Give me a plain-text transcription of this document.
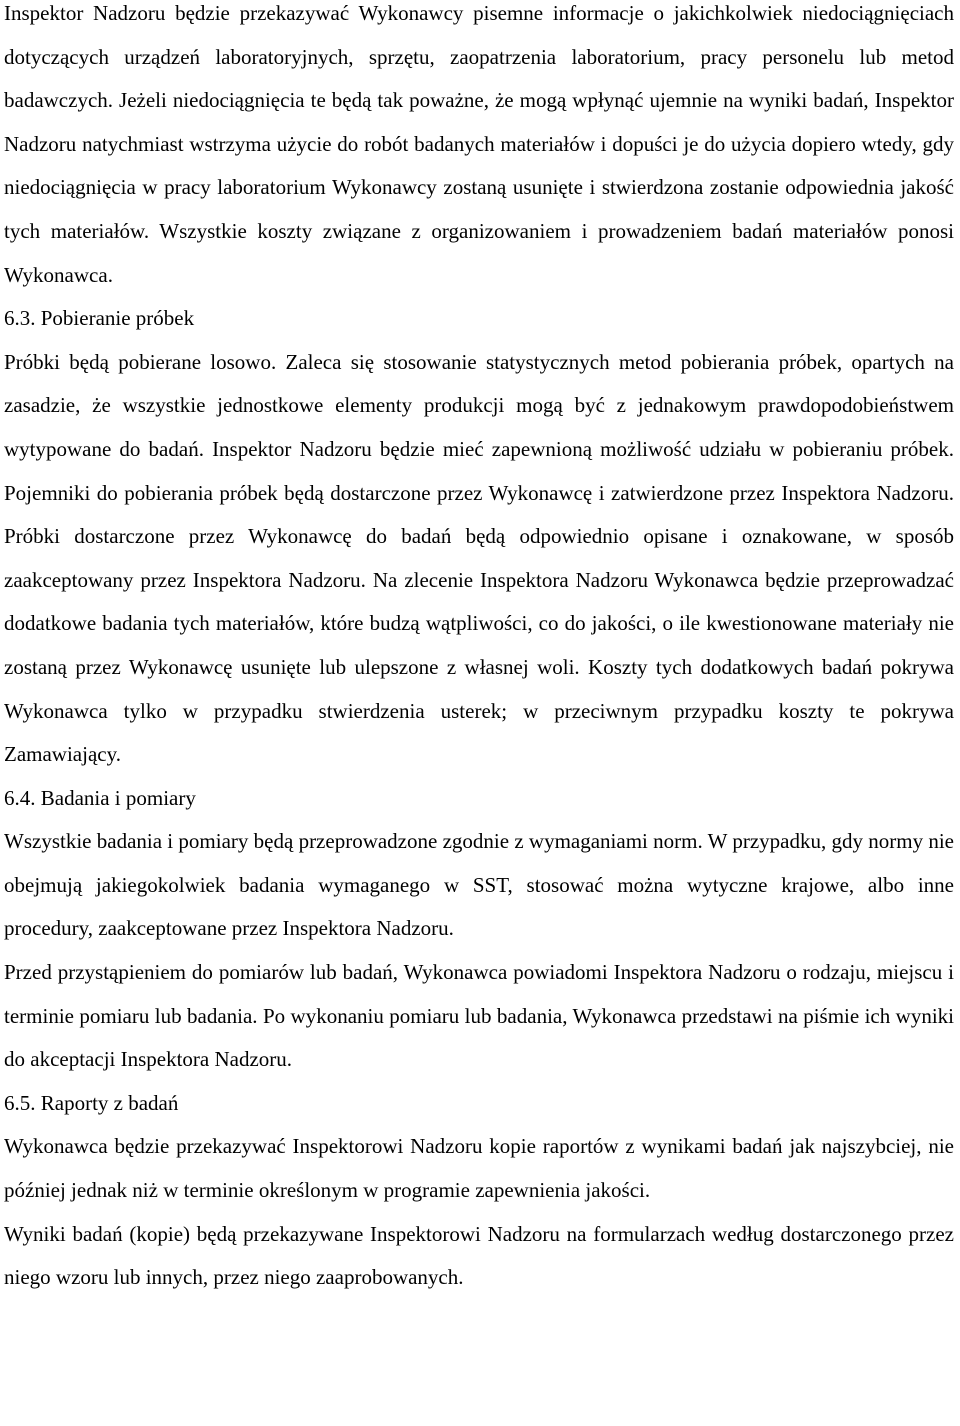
Inspektor Nadzoru będzie przekazywać Wykonawcy pisemne informacje o jakichkolwiek niedociągnięciach dotyczących urządzeń laboratoryjnych, sprzętu, zaopatrzenia laboratorium, pracy personelu lub metod badawczych. Jeżeli niedociągnięcia te będą tak poważne, że mogą wpłynąć ujemnie na wyniki badań, Inspektor Nadzoru natychmiast wstrzyma użycie do robót badanych materiałów i dopuści je do użycia dopiero wtedy, gdy niedociągnięcia w pracy laboratorium Wykonawcy zostaną usunięte i stwierdzona zostanie odpowiednia jakość tych materiałów. Wszystkie koszty związane z organizowaniem i prowadzeniem badań materiałów ponosi Wykonawca.

6.3. Pobieranie próbek

Próbki będą pobierane losowo. Zaleca się stosowanie statystycznych metod pobierania próbek, opartych na zasadzie, że wszystkie jednostkowe elementy produkcji mogą być z jednakowym prawdopodobieństwem wytypowane do badań. Inspektor Nadzoru będzie mieć zapewnioną możliwość udziału w pobieraniu próbek. Pojemniki do pobierania próbek będą dostarczone przez Wykonawcę i zatwierdzone przez Inspektora Nadzoru. Próbki dostarczone przez Wykonawcę do badań będą odpowiednio opisane i oznakowane, w sposób zaakceptowany przez Inspektora Nadzoru. Na zlecenie Inspektora Nadzoru Wykonawca będzie przeprowadzać dodatkowe badania tych materiałów, które budzą wątpliwości, co do jakości, o ile kwestionowane materiały nie zostaną przez Wykonawcę usunięte lub ulepszone z własnej woli. Koszty tych dodatkowych badań pokrywa Wykonawca tylko w przypadku stwierdzenia usterek; w przeciwnym przypadku koszty te pokrywa Zamawiający.

6.4. Badania i pomiary

Wszystkie badania i pomiary będą przeprowadzone zgodnie z wymaganiami norm. W przypadku, gdy normy nie obejmują jakiegokolwiek badania wymaganego w SST, stosować można wytyczne krajowe, albo inne procedury, zaakceptowane przez Inspektora Nadzoru.

Przed przystąpieniem do pomiarów lub badań, Wykonawca powiadomi Inspektora Nadzoru o rodzaju, miejscu i terminie pomiaru lub badania. Po wykonaniu pomiaru lub badania, Wykonawca przedstawi na piśmie ich wyniki do akceptacji Inspektora Nadzoru.

6.5. Raporty z badań

Wykonawca będzie przekazywać Inspektorowi Nadzoru kopie raportów z wynikami badań jak najszybciej, nie później jednak niż w terminie określonym w programie zapewnienia jakości.

Wyniki badań (kopie) będą przekazywane Inspektorowi Nadzoru na formularzach według dostarczonego przez niego wzoru lub innych, przez niego zaaprobowanych.
